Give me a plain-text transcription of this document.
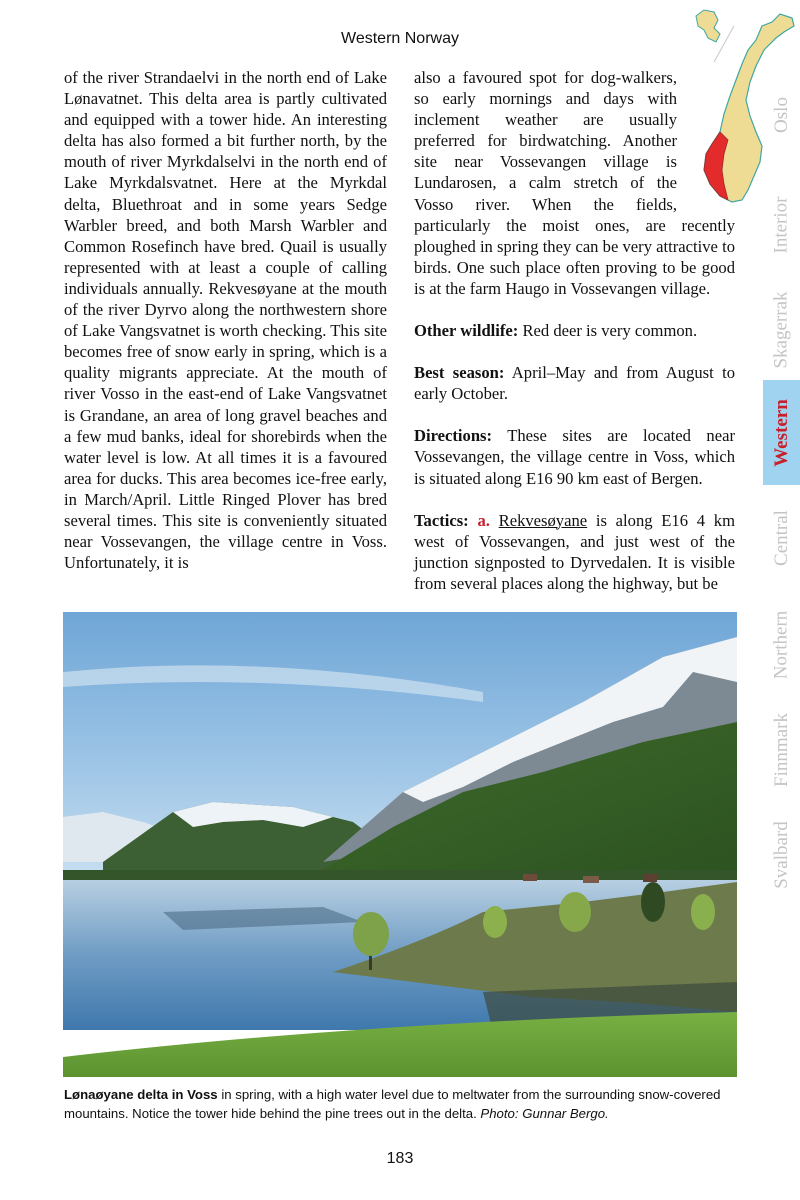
Western Norway

of the river Strandaelvi in the north end of Lake Lønavatnet. This delta area is partly cultivated and equipped with a tower hide. An interesting delta has also formed a bit further north, by the mouth of river Myrkdalselvi in the north end of Lake Myrkdalsvatnet. Here at the Myrkdal delta, Bluethroat and in some years Sedge Warbler breed, and both Marsh Warbler and Common Rosefinch have bred. Quail is usually represented with at least a couple of calling individuals annually. Rekvesøyane at the mouth of the river Dyrvo along the northwestern shore of Lake Vangsvatnet is worth checking. This site becomes free of snow early in spring, which is a quality migrants appreciate. At the mouth of river Vosso in the east-end of Lake Vangsvatnet is Grandane, an area of long gravel beaches and a few mud banks, ideal for shorebirds when the water level is low. At all times it is a favoured area for ducks. This area becomes ice-free early, in March/April. Little Ringed Plover has bred several times. This site is conveniently situated near Vossevangen, the village centre in Voss. Unfortunately, it is

also a favoured spot for dog-walkers, so early mornings and days with inclement weather are usually preferred for birdwatching. Another site near Vossevangen village is Lundarosen, a calm stretch of the Vosso river. When the fields, particularly the moist ones, are recently ploughed in spring they can be very attractive to birds. One such place often proving to be good is at the farm Haugo in Vossevangen village.

Other wildlife: Red deer is very common.

Best season: April–May and from August to early October.

Directions: These sites are located near Vossevangen, the village centre in Voss, which is situated along E16 90 km east of Bergen.

Tactics: a. Rekvesøyane is along E16 4 km west of Vossevangen, and just west of the junction signposted to Dyrvedalen. It is visible from several places along the highway, but be

Oslo
Interior
Skagerrak
Western
Central
Northern
Finnmark
Svalbard
Lønaøyane delta in Voss in spring, with a high water level due to meltwater from the surrounding snow-covered mountains. Notice the tower hide behind the pine trees out in the delta. Photo: Gunnar Bergo.
183
